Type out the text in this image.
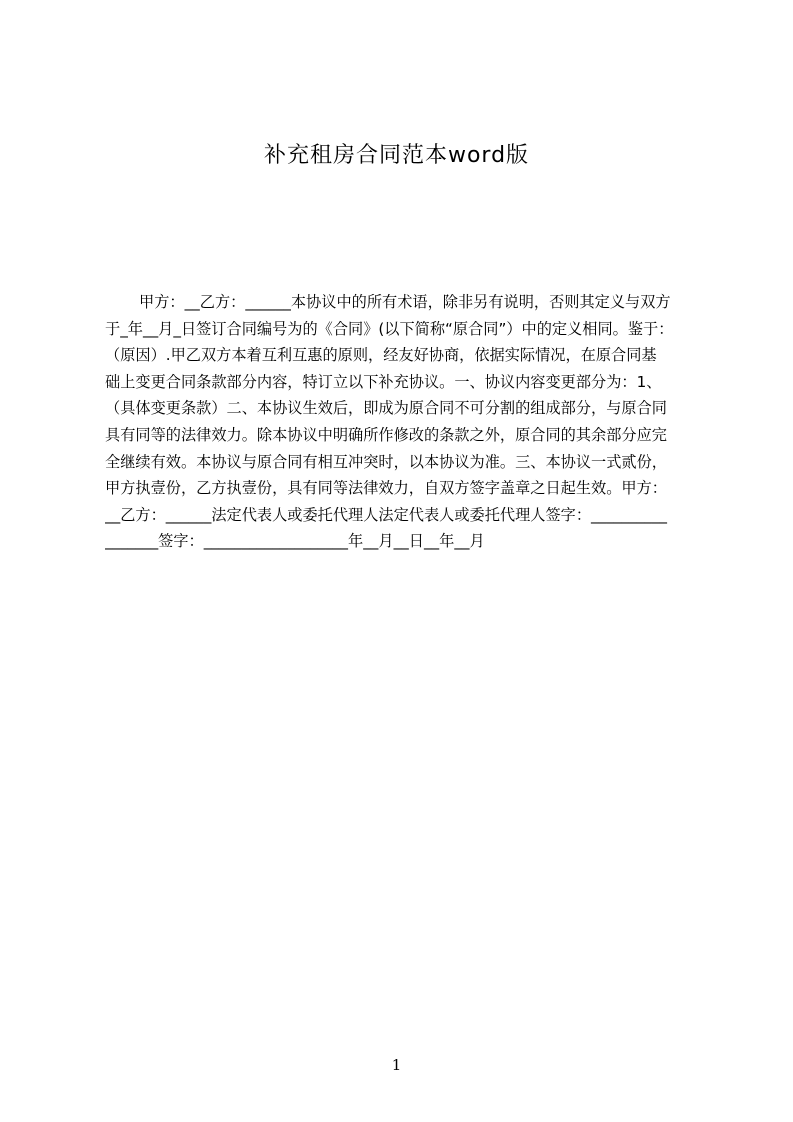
补充租房合同范本word版
甲方：__乙方：______本协议中的所有术语，除非另有说明，否则其定义与双方
于_年__月_日签订合同编号为的《合同》(以下简称“原合同”）中的定义相同。鉴于：
（原因）.甲乙双方本着互利互惠的原则，经友好协商，依据实际情况，在原合同基
础上变更合同条款部分内容，特订立以下补充协议。一、协议内容变更部分为：1、
（具体变更条款）二、本协议生效后，即成为原合同不可分割的组成部分，与原合同
具有同等的法律效力。除本协议中明确所作修改的条款之外，原合同的其余部分应完
全继续有效。本协议与原合同有相互冲突时，以本协议为准。三、本协议一式贰份，
甲方执壹份，乙方执壹份，具有同等法律效力，自双方签字盖章之日起生效。甲方：
__乙方：______法定代表人或委托代理人法定代表人或委托代理人签字：__________
_______签字：___________________年__月__日__年__月
1
